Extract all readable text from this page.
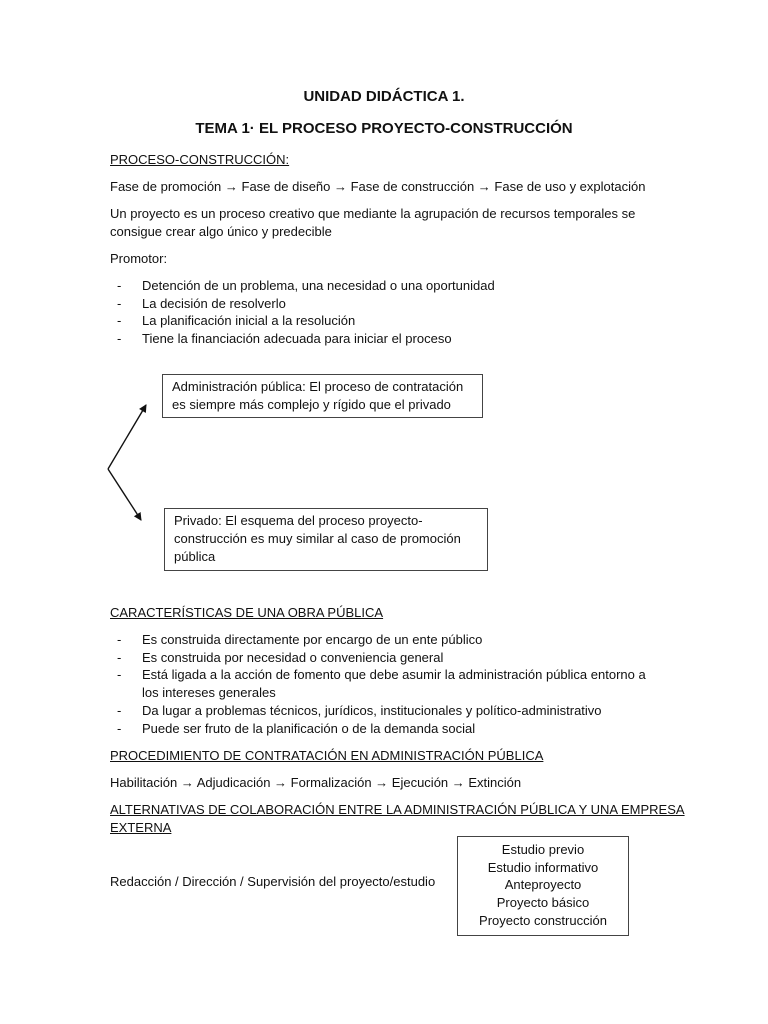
UNIDAD DIDÁCTICA 1.
TEMA 1· EL PROCESO PROYECTO-CONSTRUCCIÓN
PROCESO-CONSTRUCCIÓN:
Fase de promoción → Fase de diseño → Fase de construcción → Fase de uso y explotación
Un proyecto es un proceso creativo que mediante la agrupación de recursos temporales se
consigue crear algo único y predecible
Promotor:
- Detención de un problema, una necesidad o una oportunidad
- La decisión de resolverlo
- La planificación inicial a la resolución
- Tiene la financiación adecuada para iniciar el proceso
Administración pública: El proceso de contratación
es siempre más complejo y rígido que el privado
Privado: El esquema del proceso proyecto-
construcción es muy similar al caso de promoción
pública
CARACTERÍSTICAS DE UNA OBRA PÚBLICA
- Es construida directamente por encargo de un ente público
- Es construida por necesidad o conveniencia general
- Está ligada a la acción de fomento que debe asumir la administración pública entorno a
los intereses generales
- Da lugar a problemas técnicos, jurídicos, institucionales y político-administrativo
- Puede ser fruto de la planificación o de la demanda social
PROCEDIMIENTO DE CONTRATACIÓN EN ADMINISTRACIÓN PÚBLICA
Habilitación → Adjudicación → Formalización → Ejecución → Extinción
ALTERNATIVAS DE COLABORACIÓN ENTRE LA ADMINISTRACIÓN PÚBLICA Y UNA EMPRESA
EXTERNA
Redacción / Dirección / Supervisión del proyecto/estudio
Estudio previo
Estudio informativo
Anteproyecto
Proyecto básico
Proyecto construcción
